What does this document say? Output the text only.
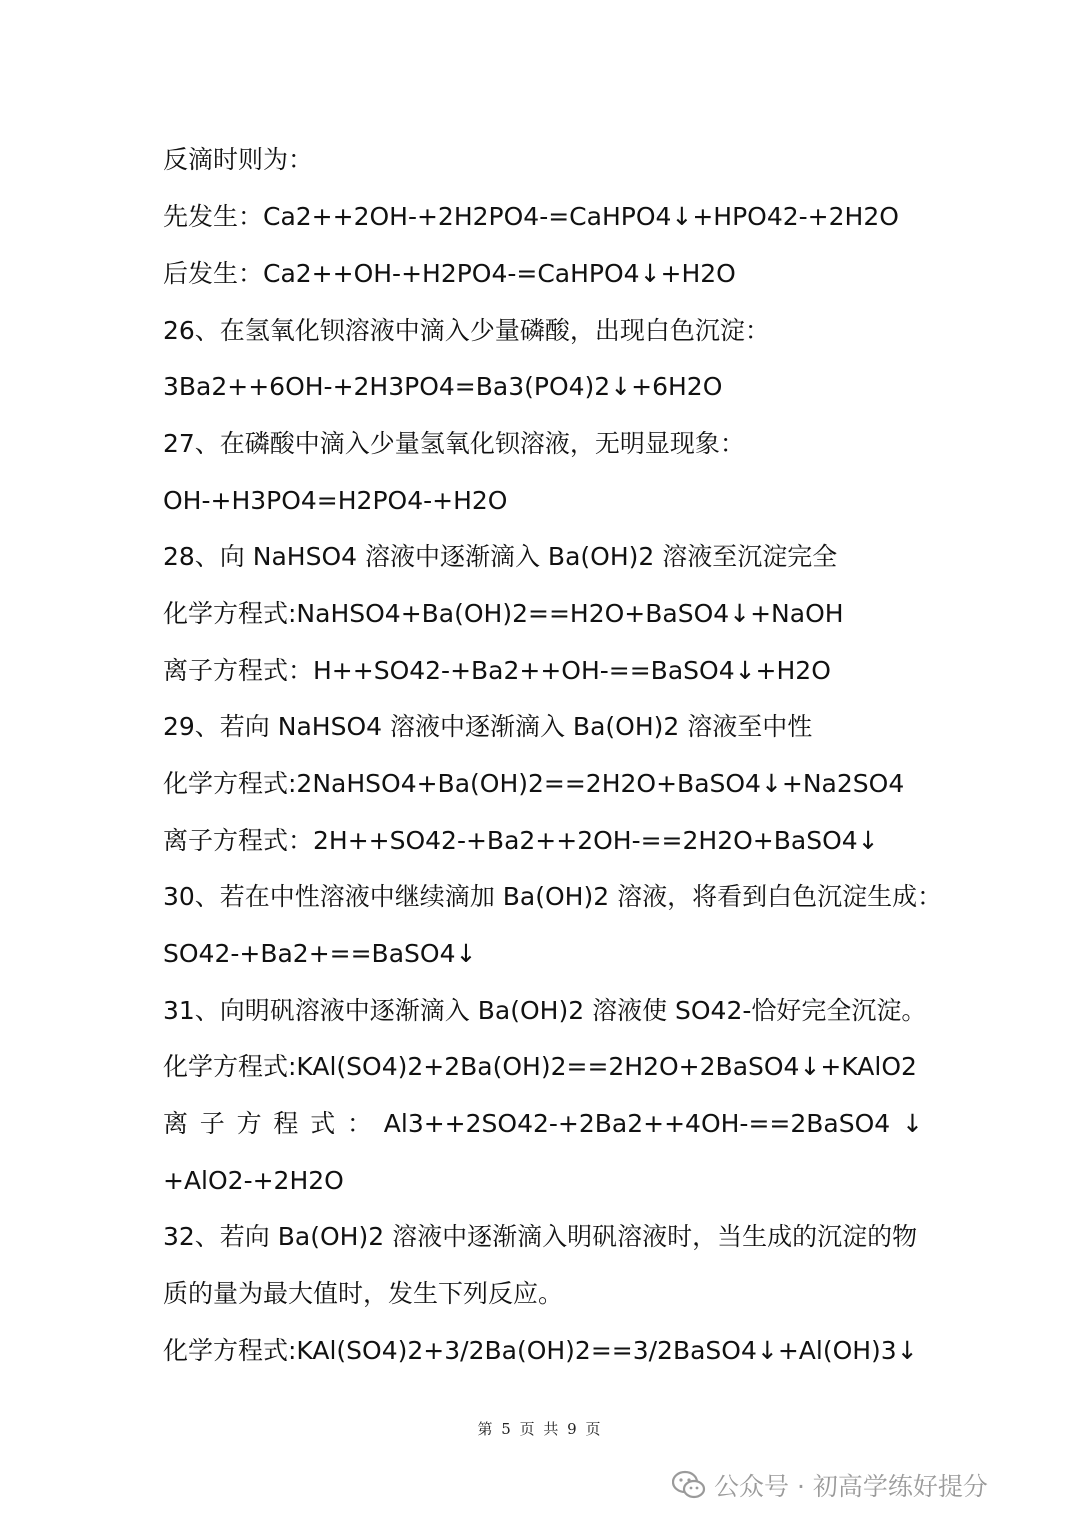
反滴时则为：
先发生：Ca2++2OH-+2H2PO4-=CaHPO4↓+HPO42-+2H2O
后发生：Ca2++OH-+H2PO4-=CaHPO4↓+H2O
26、在氢氧化钡溶液中滴入少量磷酸，出现白色沉淀：
3Ba2++6OH-+2H3PO4=Ba3(PO4)2↓+6H2O
27、在磷酸中滴入少量氢氧化钡溶液，无明显现象：
OH-+H3PO4=H2PO4-+H2O
28、向 NaHSO4 溶液中逐渐滴入 Ba(OH)2 溶液至沉淀完全
化学方程式:NaHSO4+Ba(OH)2==H2O+BaSO4↓+NaOH
离子方程式：H++SO42-+Ba2++OH-==BaSO4↓+H2O
29、若向 NaHSO4 溶液中逐渐滴入 Ba(OH)2 溶液至中性
化学方程式:2NaHSO4+Ba(OH)2==2H2O+BaSO4↓+Na2SO4
离子方程式：2H++SO42-+Ba2++2OH-==2H2O+BaSO4↓
30、若在中性溶液中继续滴加 Ba(OH)2 溶液，将看到白色沉淀生成：
SO42-+Ba2+==BaSO4↓
31、向明矾溶液中逐渐滴入 Ba(OH)2 溶液使 SO42-恰好完全沉淀。
化学方程式:KAl(SO4)2+2Ba(OH)2==2H2O+2BaSO4↓+KAlO2
离 子 方 程 式 ： Al3++2SO42-+2Ba2++4OH-==2BaSO4 ↓
+AlO2-+2H2O
32、若向 Ba(OH)2 溶液中逐渐滴入明矾溶液时，当生成的沉淀的物
质的量为最大值时，发生下列反应。
化学方程式:KAl(SO4)2+3/2Ba(OH)2==3/2BaSO4↓+Al(OH)3↓
第 5 页 共 9 页
公众号 · 初高学练好提分
